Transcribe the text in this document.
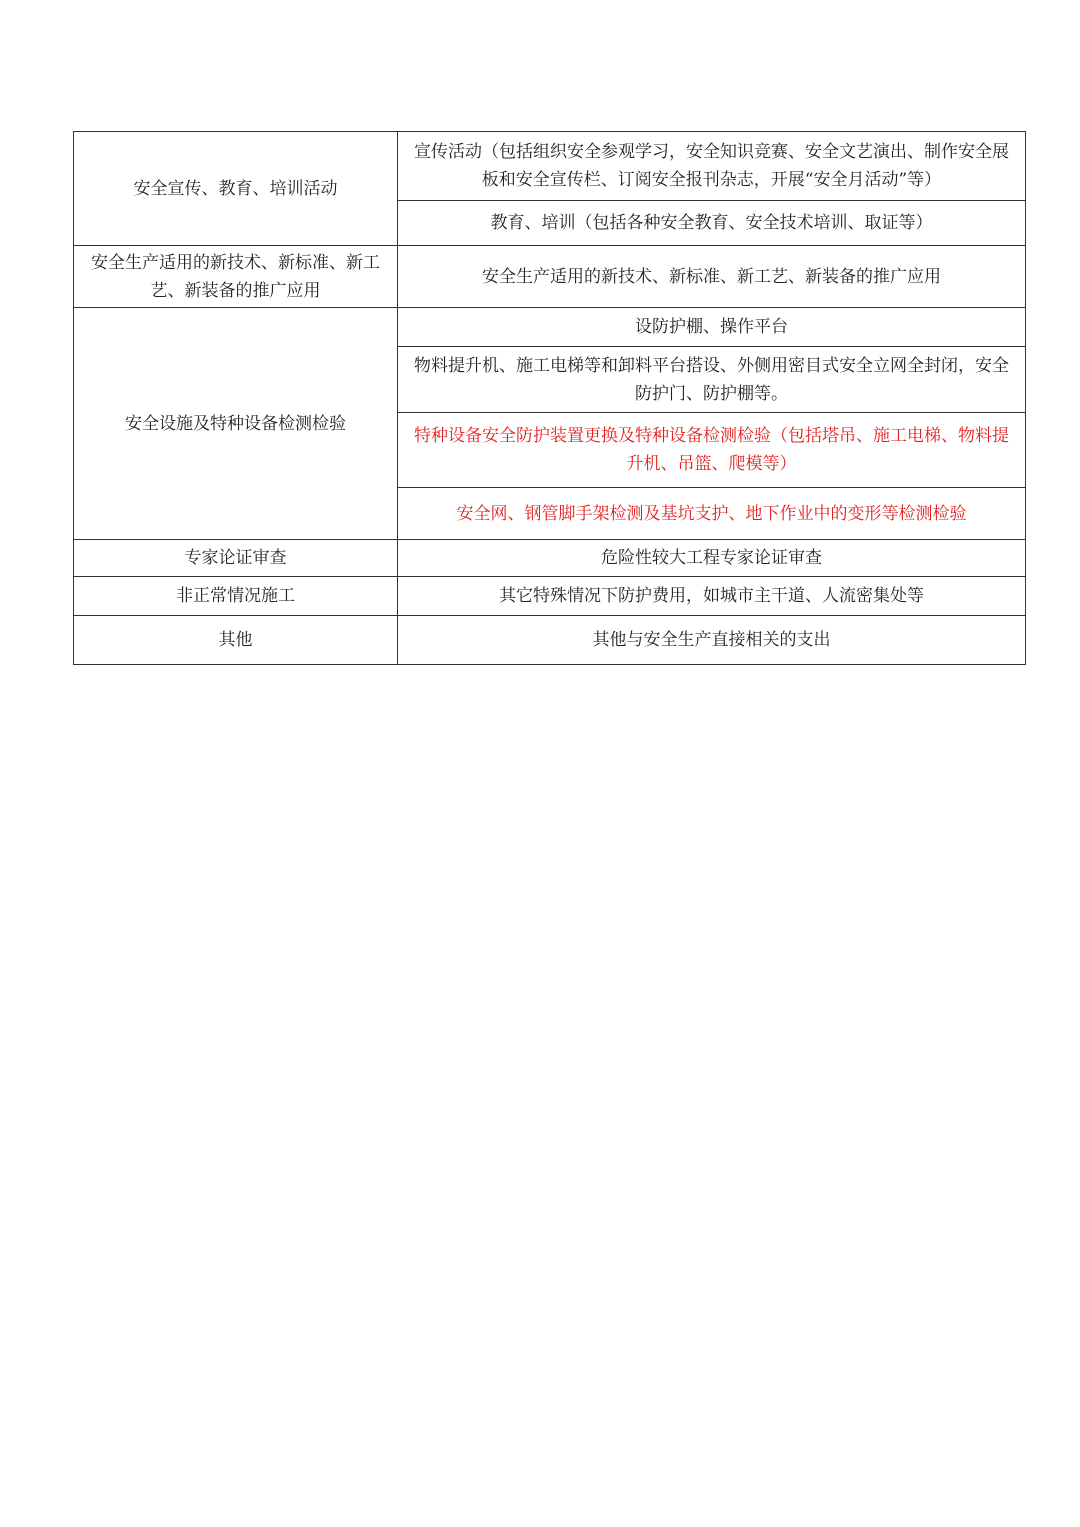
安全宣传、教育、培训活动	宣传活动（包括组织安全参观学习，安全知识竞赛、安全文艺演出、制作安全展板和安全宣传栏、订阅安全报刊杂志，开展“安全月活动”等）
	教育、培训（包括各种安全教育、安全技术培训、取证等）
安全生产适用的新技术、新标准、新工艺、新装备的推广应用	安全生产适用的新技术、新标准、新工艺、新装备的推广应用
安全设施及特种设备检测检验	设防护棚、操作平台
	物料提升机、施工电梯等和卸料平台搭设、外侧用密目式安全立网全封闭，安全防护门、防护棚等。
	特种设备安全防护装置更换及特种设备检测检验（包括塔吊、施工电梯、物料提升机、吊篮、爬模等）
	安全网、钢管脚手架检测及基坑支护、地下作业中的变形等检测检验
专家论证审查	危险性较大工程专家论证审查
非正常情况施工	其它特殊情况下防护费用，如城市主干道、人流密集处等
其他	其他与安全生产直接相关的支出
